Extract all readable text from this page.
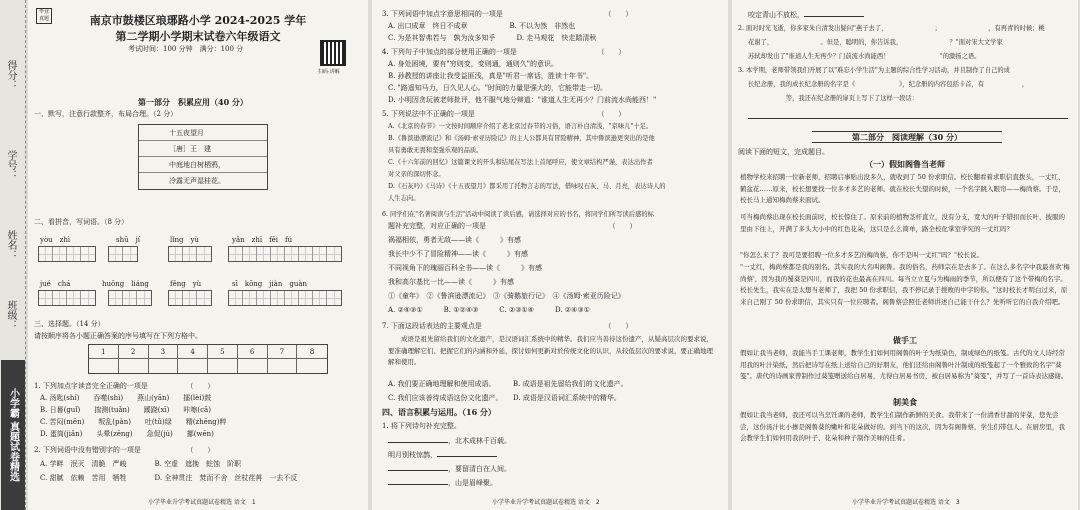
得分：
学号：
姓名：
班级：
小学霸 真题试卷精选
毕业真题	南京市鼓楼区琅琊路小学 2024-2025 学年
第二学期小学期末试卷六年级语文
考试时间：100 分钟　满分：100 分
扫码·讲解
第一部分　积累应用（40 分）
一、默写，注意行款整齐，布局合理。（2 分）
十五夜望月
［唐］王　建
中庭地白树栖鸦，
冷露无声湿桂花。
二、看拼音，写词语。（8 分）
yòu　zhì	shū　jí	lǐng　yù	yǎn　zhī　fěi　fú
jué　chá	huǒng　liáng	fěng　yù	sī　kōng　jiàn　guàn
三、选择题。（14 分）
请按顺序将各小题正确答案的序号填写在下列方格中。
1	2	3	4	5	6	7	8
1. 下列加点字读音完全正确的一项是　　　　　　（　　）
A. 汤匙(shí)　　吞噬(shì)　　燕山(yān)　　擂(lèi)鼓
B. 日晷(guǐ)　　揣测(tuǎn)　　蹊跷(xī)　　咔嚓(cǎ)
C. 苦闷(mēn)　　叛乱(pàn)　　吐(tǔ)绿　　精(zhēng)粹
D. 蛋筒(jiǎn)　　头晕(zēng)　　急促(jú)　　挪(wēn)
2. 下列词语中没有错别字的一项是　　　　　　　（　　）
A. 学畔　泯灭　清脆　严峻　　　　B. 空虚　遮挽　蛀蚀　阶职
C. 甜腻　依赖　苦用　牺牲　　　　D. 全神贯注　焚而不舍　丝杖荏苒　一去不反
小学毕业升学考试真题试卷精选 语文　1
3. 下列词语中加点字意思相同的一项是　　　　　　　　　　　　　　　（　　）
A. 出口成章　终日不成章　　　　　　B. 不以为然　非然也
C. 为是其智弗若与　孰为汝多知乎　　　D. 走马观花　快走踏清秋
4. 下列句子中加点的部分使用正确的一项是　　　　　　　　　　　　（　　）
A. 身处困境，要有"穷则变，变则通，通则久"的意识。
B. 孙教授的讲座让我受益匪浅，真是"听君一席话，胜读十年书"。
C. "路遥知马力，日久见人心。"时间的力量是强大的，它能带走一切。
D. 小明因贪玩被老师批评，他不服气地分辩道："谁道人生无再少？门前流水尚能西！"
5. 下列说法中不正确的一项是　　　　　　　　　　　　　　　　　　（　　）
A.《北京的春节》一文按时间顺序介绍了老北京过春节的习俗，语言朴白清浅，"京味儿"十足。
B.《鲁滨逊漂流记》和《汤姆·索亚历险记》的主人公都具有冒险精神，其中鲁滨逊更突出的是他
具有勇敢无畏和坚强乐观的品质。
C.《十六年前的回忆》这篇课文的开头和结尾在写法上首尾呼应，使文章结构严谨，表达出作者
对父亲的深切怀念。
D.《石灰吟》《马诗》《十五夜望月》都采用了托物言志的写法，借咏叹石灰、马、月亮，表达诗人的
人生志向。
6. 同学们在"名著阅读与生活"活动中阅读了读后感，请选择对应的书名，将同学们所写读后感的标
题补充完整，对应正确的一项是　　　　　　　　　　　　　　　　　　（　　）
祸福相依，勇者无敌——读《　　　》有感
我长中少不了冒险精神——读《　　　》有感
不同视角下的瑰丽百科全书——读《　　　》有感
我和高尔基比一比——读《　　　》有感
①《童年》　②《鲁滨逊漂流记》　③《骑鹅旅行记》　④《汤姆·索亚历险记》
A. ②④③①　　　B. ①②④③　　　C. ②③①④　　　D. ②④③①
7. 下面这段话表达的主要观点是　　　　　　　　　　　　　　　　　　（　　）
　　成语是祖先留给我们的文化遗产，是汉语词汇系统中的精华。我们应当善待这份遗产，从疑高层次的要求说，要准确理解它们、把握它们的内涵和外延，探讨如何更新对於传统文化的认识，从较低层次的要求说，要正确地理解和使用。
A. 我们要正确地理解和使用成语。　　　B. 成语是祖先留给我们的文化遗产。
C. 我们应该善待成语这份文化遗产。　　D. 成语是汉语词汇系统中的精华。
四、语言积累与运用。（16 分）
1. 将下列诗句补充完整。
，北木成林千百载。
明月别枝惊鹊，
，要留清白在人间。
，山是眉峰聚。
小学毕业升学考试真题试卷精选 语文　2
咬定青山不放松，
2. 面对时光飞逝，你多家朱自清发出疑问"燕子去了，　　　　　　　　；　　　　　　　　，有再青的时候；桃
花谢了，　　　　　　　　。但是，聪明的，你告诉我，　　　　　　　　？"面对宋大文学家
苏轼却发出了"谁道人生无再少？门前流水尚能西！　　　　　　　　"的激扬之语。
3. 本学期，老师带领我们开展了以"难忘小学生活"为主题的综合性学习活动，并且制作了自己的成
长纪念册，我的成长纪念册的名字是《　　　　　　　》，纪念册的内容包括卡首，有　　　　　　，
　　　　　　等，我还在纪念册的扉页上写下了这样一段话：　　　　　　　　
第二部分　阅读理解（30 分）
阅读下面的短文，完成题目。
（一）假如阁鲁当老师
植物学校来招聘一位新老师，招聘启事贴出没多久，就收到了 50 份求职信。校长翻看着求职信直拨头，一丈红、鹤盆花……原来，校长想要找一位多才多艺的老师。就在校长失望的时候，一个名字跳入眼帘——梅尚蔡。于是，校长马上通知梅尚蔡来面试。
可当梅尚蔡出现在校长面前时，校长惊住了。原来前的植物茎杆直立，没有分支，宽大的叶子错扣而长叶，披服的里由下往上，开满了多头大小中的红色花朵，这只是么么简单，路全校化掌室学究的一丈红吗？
"你怎么来了？我可是要招聘一位多才多艺的梅尚蔡，你不是叫一丈红"吗？"校长说。
"一丈红，梅尚蔡都是我的别名，其实我的大名叫阁鲁。我的俗名，药师宗在是去多了。在这么多名字中我最喜欢'梅尚蔡'，因为我的蜀葵是四川，而我的花也最高在四川。每当立立夏与为梅雨的季节，所以便有了这个带梅的名字。校长先生，我实在是太想当老师了，我把 50 份求职信，我不停记录于挫败的中字的你。"这时校长才明白过来，原来自己刚了 50 份求职信，其实只有一位应聘者。阁鲁蔡尝照任老师讲述自己能干什么？先听听它的自我介绍吧。
做手工
假如让我当老师，我能当手工课老师，教学生们如何用阁鲁的叶子为纸染色，制成绿色的纸笺。古代的文人诗经常用我的叶汁染纸，然后把诗写在纸上送给自己的好朋友，他们还给由阁鲁叶汁制成的纸笺起了一个雅致的名字"葵笺"。唐代的诗画家曾制作过葵笺赠送给白居易，尤得白居易书房，被白居易称为"葵笺"，并写了一首诗表达感谢。
制美食
假如让我当老师，我还可以当烹饪课的老师，教学生们制作新鲜的美食。我带来了一份清香甘甜的芽菜，您先尝尝，这份汤汁比小掺是阁鲁葵的嫩叶和花朵做好的。到当下的这次，因为有阁鲁蔡，学生们带包人。在厨房里，我会教学生们如何用我的叶子、花朵和种子制作美味的佳肴。
小学毕业升学考试真题试卷精选 语文　3
